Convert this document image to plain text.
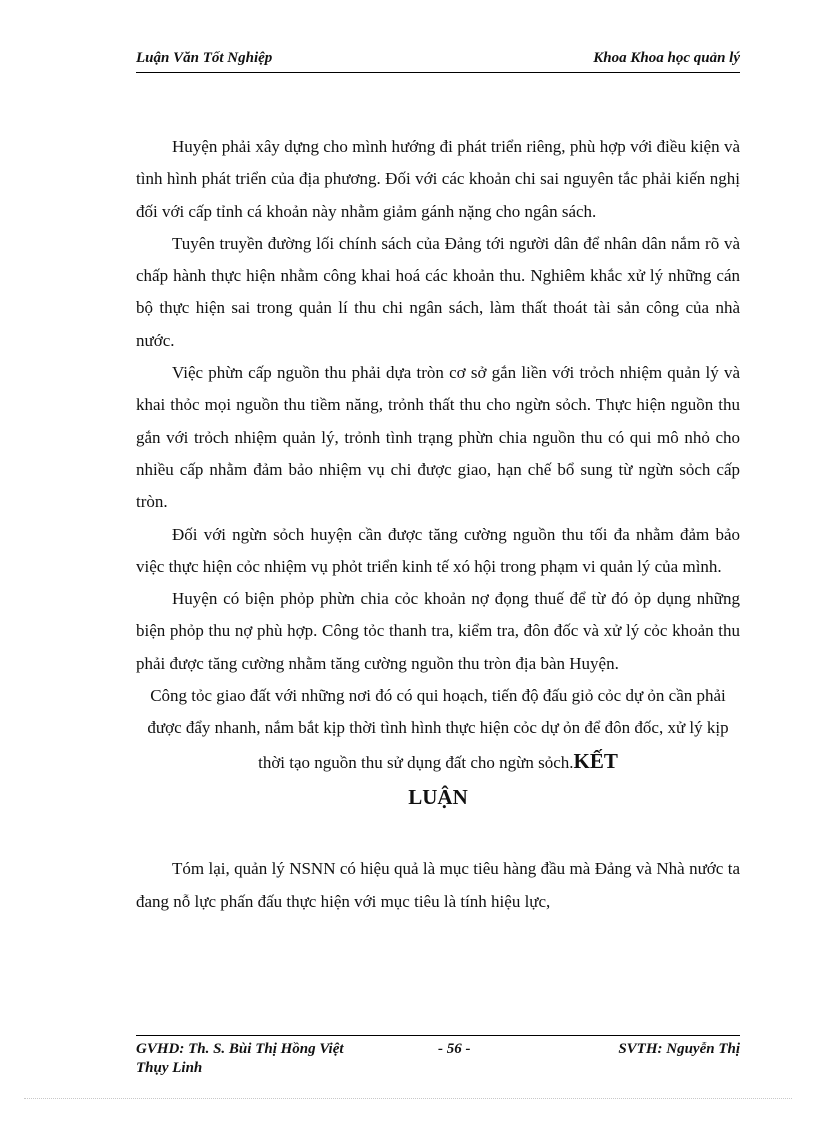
Luận Văn Tốt Nghiệp	Khoa Khoa học quản lý

Huyện phải xây dựng cho mình hướng đi phát triển riêng, phù hợp với điều kiện và tình hình phát triển của địa phương. Đối với các khoản chi sai nguyên tắc phải kiến nghị đối với cấp tỉnh cá khoản này nhằm giảm gánh nặng cho ngân sách.

Tuyên truyền đường lối chính sách của Đảng tới người dân để nhân dân nắm rõ và chấp hành thực hiện nhằm công khai hoá các khoản thu. Nghiêm khắc xử lý những cán bộ thực hiện sai trong quản lí thu chi ngân sách, làm thất thoát tài sản công của nhà nước.

Việc phừn cấp nguồn thu phải dựa tròn cơ sở gắn liền với trỏch nhiệm quản lý và khai thỏc mọi nguồn thu tiềm năng, trỏnh thất thu cho ngừn sỏch. Thực hiện nguồn thu gắn với trỏch nhiệm quản lý, trỏnh tình trạng phừn chia nguồn thu có qui mô nhỏ cho nhiều cấp nhằm đảm bảo nhiệm vụ chi được giao, hạn chế bổ sung từ ngừn sỏch cấp tròn.

Đối với ngừn sỏch huyện cần được tăng cường nguồn thu tối đa nhằm đảm bảo việc thực hiện cỏc nhiệm vụ phỏt triển kinh tế xó hội trong phạm vi quản lý của mình.

Huyện có biện phỏp phừn chia cỏc khoản nợ đọng thuế để từ đó ỏp dụng những biện phỏp thu nợ phù hợp. Công tỏc thanh tra, kiểm tra, đôn đốc và xử lý cỏc khoản thu phải được tăng cường nhằm tăng cường nguồn thu tròn địa bàn Huyện.

Công tỏc giao đất với những nơi đó có qui hoạch, tiến độ đấu giỏ cỏc dự ỏn cần phải được đẩy nhanh, nắm bắt kịp thời tình hình thực hiện cỏc dự ỏn để đôn đốc, xử lý kịp thời tạo nguồn thu sử dụng đất cho ngừn sỏch.KẾT

LUẬN

Tóm lại, quản lý NSNN có hiệu quả là mục tiêu hàng đầu mà Đảng và Nhà nước ta đang nỗ lực phấn đấu thực hiện với mục tiêu là tính hiệu lực,

GVHD: Th. S. Bùi Thị Hồng Việt Thụy Linh
- 56 -	SVTH: Nguyễn Thị
